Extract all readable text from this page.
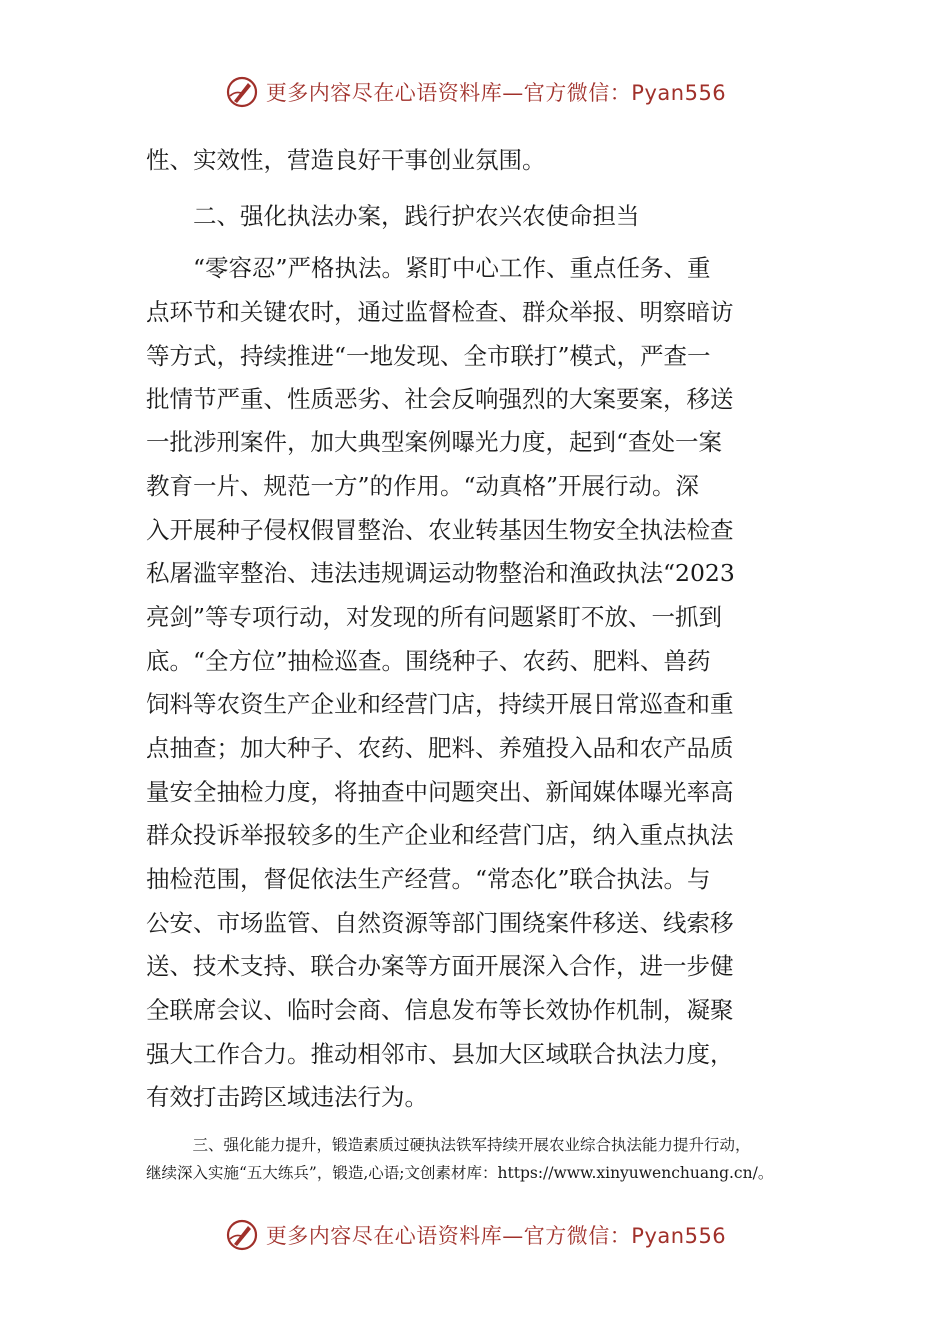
更多内容尽在心语资料库—官方微信：Pyan556
性、实效性，营造良好干事创业氛围。
　　二、强化执法办案，践行护农兴农使命担当
　　“零容忍”严格执法。紧盯中心工作、重点任务、重
点环节和关键农时，通过监督检查、群众举报、明察暗访
等方式，持续推进“一地发现、全市联打”模式，严查一
批情节严重、性质恶劣、社会反响强烈的大案要案，移送
一批涉刑案件，加大典型案例曝光力度，起到“查处一案
教育一片、规范一方”的作用。“动真格”开展行动。深
入开展种子侵权假冒整治、农业转基因生物安全执法检查
私屠滥宰整治、违法违规调运动物整治和渔政执法“2023
亮剑”等专项行动，对发现的所有问题紧盯不放、一抓到
底。“全方位”抽检巡查。围绕种子、农药、肥料、兽药
饲料等农资生产企业和经营门店，持续开展日常巡查和重
点抽查；加大种子、农药、肥料、养殖投入品和农产品质
量安全抽检力度，将抽查中问题突出、新闻媒体曝光率高
群众投诉举报较多的生产企业和经营门店，纳入重点执法
抽检范围，督促依法生产经营。“常态化”联合执法。与
公安、市场监管、自然资源等部门围绕案件移送、线索移
送、技术支持、联合办案等方面开展深入合作，进一步健
全联席会议、临时会商、信息发布等长效协作机制，凝聚
强大工作合力。推动相邻市、县加大区域联合执法力度，
有效打击跨区域违法行为。
　　　三、强化能力提升，锻造素质过硬执法铁军持续开展农业综合执法能力提升行动，
继续深入实施“五大练兵”，锻造,心语;文创素材库：https://www.xinyuwenchuang.cn/。
更多内容尽在心语资料库—官方微信：Pyan556
